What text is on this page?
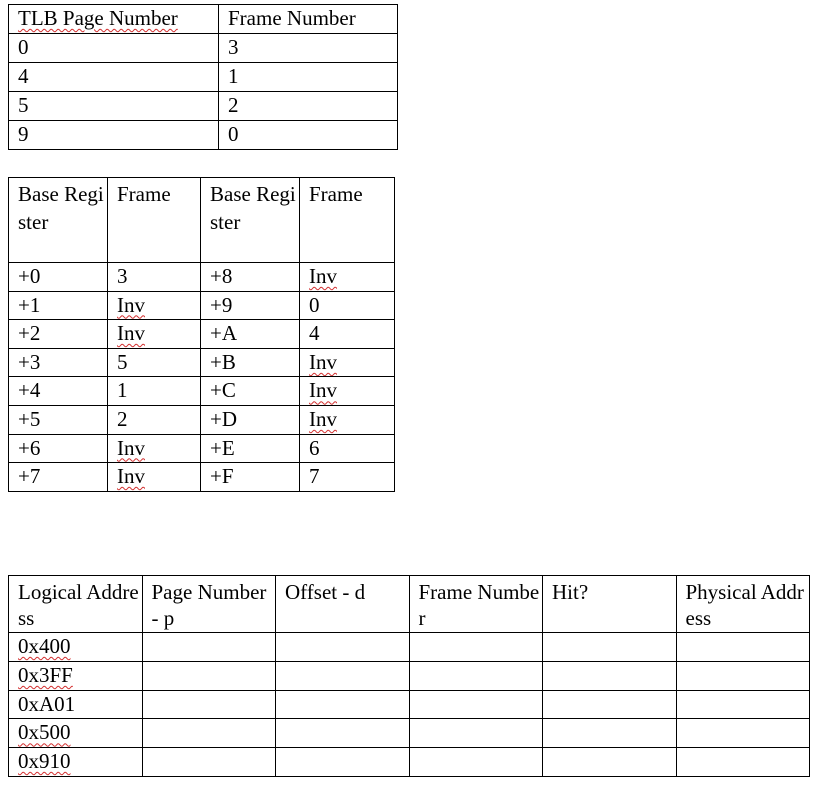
TLB Page Number	Frame Number
0	3
4	1
5	2
9	0
Base Register	Frame	Base Register	Frame
+0	3	+8	Inv
+1	Inv	+9	0
+2	Inv	+A	4
+3	5	+B	Inv
+4	1	+C	Inv
+5	2	+D	Inv
+6	Inv	+E	6
+7	Inv	+F	7
Logical Address	Page Number - p	Offset - d	Frame Number	Hit?	Physical Address
0x400					
0x3FF					
0xA01					
0x500					
0x910					
